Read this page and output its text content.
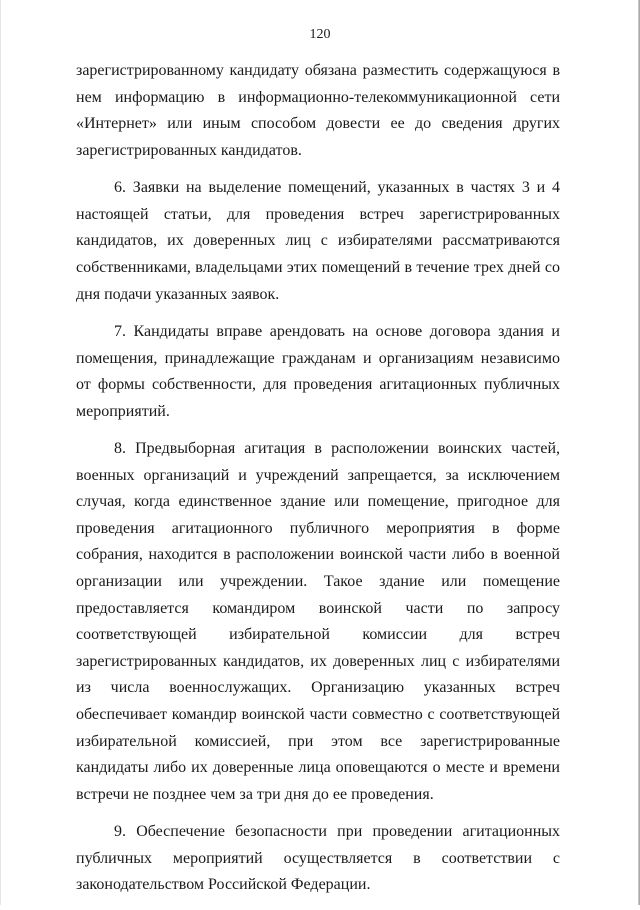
120

зарегистрированному кандидату обязана разместить содержащуюся в нем информацию в информационно-телекоммуникационной сети «Интернет» или иным способом довести ее до сведения других зарегистрированных кандидатов.

6. Заявки на выделение помещений, указанных в частях 3 и 4 настоящей статьи, для проведения встреч зарегистрированных кандидатов, их доверенных лиц с избирателями рассматриваются собственниками, владельцами этих помещений в течение трех дней со дня подачи указанных заявок.

7. Кандидаты вправе арендовать на основе договора здания и помещения, принадлежащие гражданам и организациям независимо от формы собственности, для проведения агитационных публичных мероприятий.

8. Предвыборная агитация в расположении воинских частей, военных организаций и учреждений запрещается, за исключением случая, когда единственное здание или помещение, пригодное для проведения агитационного публичного мероприятия в форме собрания, находится в расположении воинской части либо в военной организации или учреждении. Такое здание или помещение предоставляется командиром воинской части по запросу соответствующей избирательной комиссии для встреч зарегистрированных кандидатов, их доверенных лиц с избирателями из числа военнослужащих. Организацию указанных встреч обеспечивает командир воинской части совместно с соответствующей избирательной комиссией, при этом все зарегистрированные кандидаты либо их доверенные лица оповещаются о месте и времени встречи не позднее чем за три дня до ее проведения.

9. Обеспечение безопасности при проведении агитационных публичных мероприятий осуществляется в соответствии с законодательством Российской Федерации.
